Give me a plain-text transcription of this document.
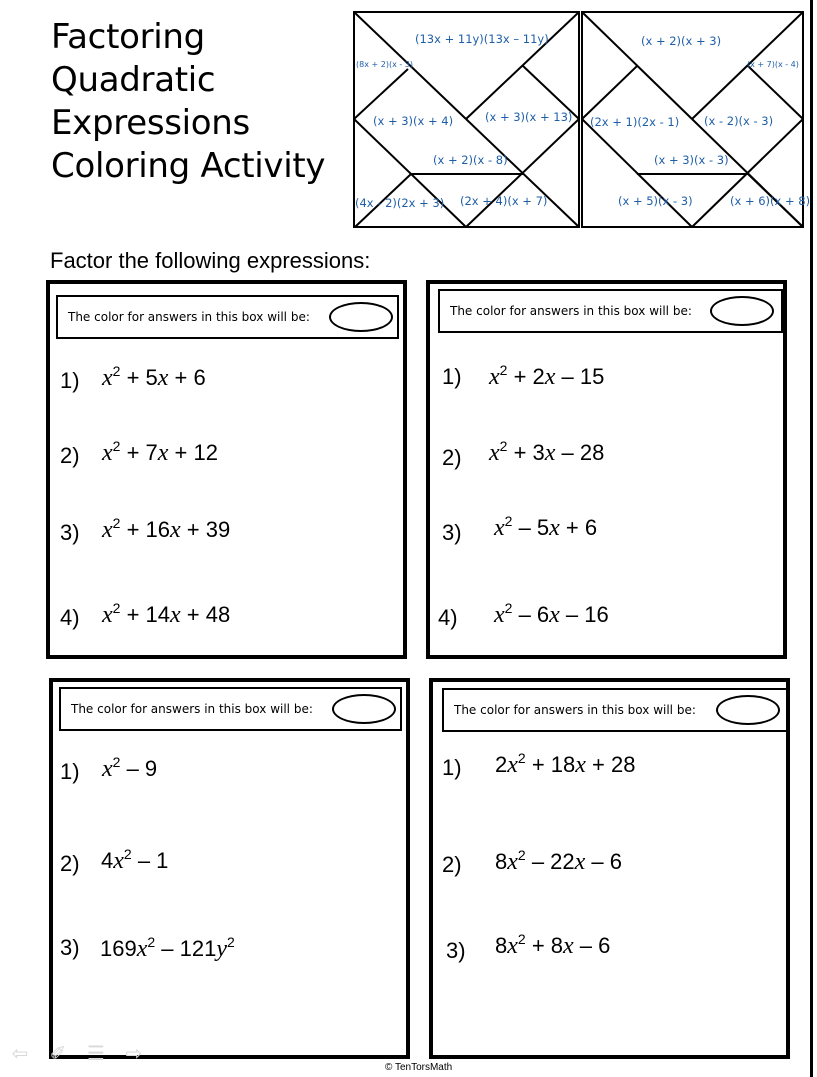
Factoring
Quadratic
Expressions
Coloring Activity
(13x + 11y)(13x – 11y)
(8x + 2)(x - 3)
(x + 3)(x + 4)	(x + 3)(x + 13)
(x + 2)(x - 8)
(4x - 2)(2x + 3) (2x + 4)(x + 7)
(x + 2)(x + 3)
(x + 7)(x - 4)
(2x + 1)(2x - 1) (x - 2)(x - 3)
(x + 3)(x - 3)
(x + 5)(x - 3)	(x + 6)(x + 8)
Factor the following expressions:
The color for answers in this box will be:
1) $x^2 + 5x + 6$
2) $x^2 + 7x + 12$
3) $x^2 + 16x + 39$
4) $x^2 + 14x + 48$
The color for answers in this box will be:
1) $x^2 + 2x - 15$
2) $x^2 + 3x - 28$
3) $x^2 - 5x + 6$
4) $x^2 - 6x - 16$
The color for answers in this box will be:
1) $x^2 - 9$
2) $4x^2 - 1$
3) $169x^2 - 121y^2$
The color for answers in this box will be:
1) $2x^2 + 18x + 28$
2) $8x^2 - 22x - 6$
3) $8x^2 + 8x - 6$
⇦ ✐ ☰ ⇨
© TenTorsMath
